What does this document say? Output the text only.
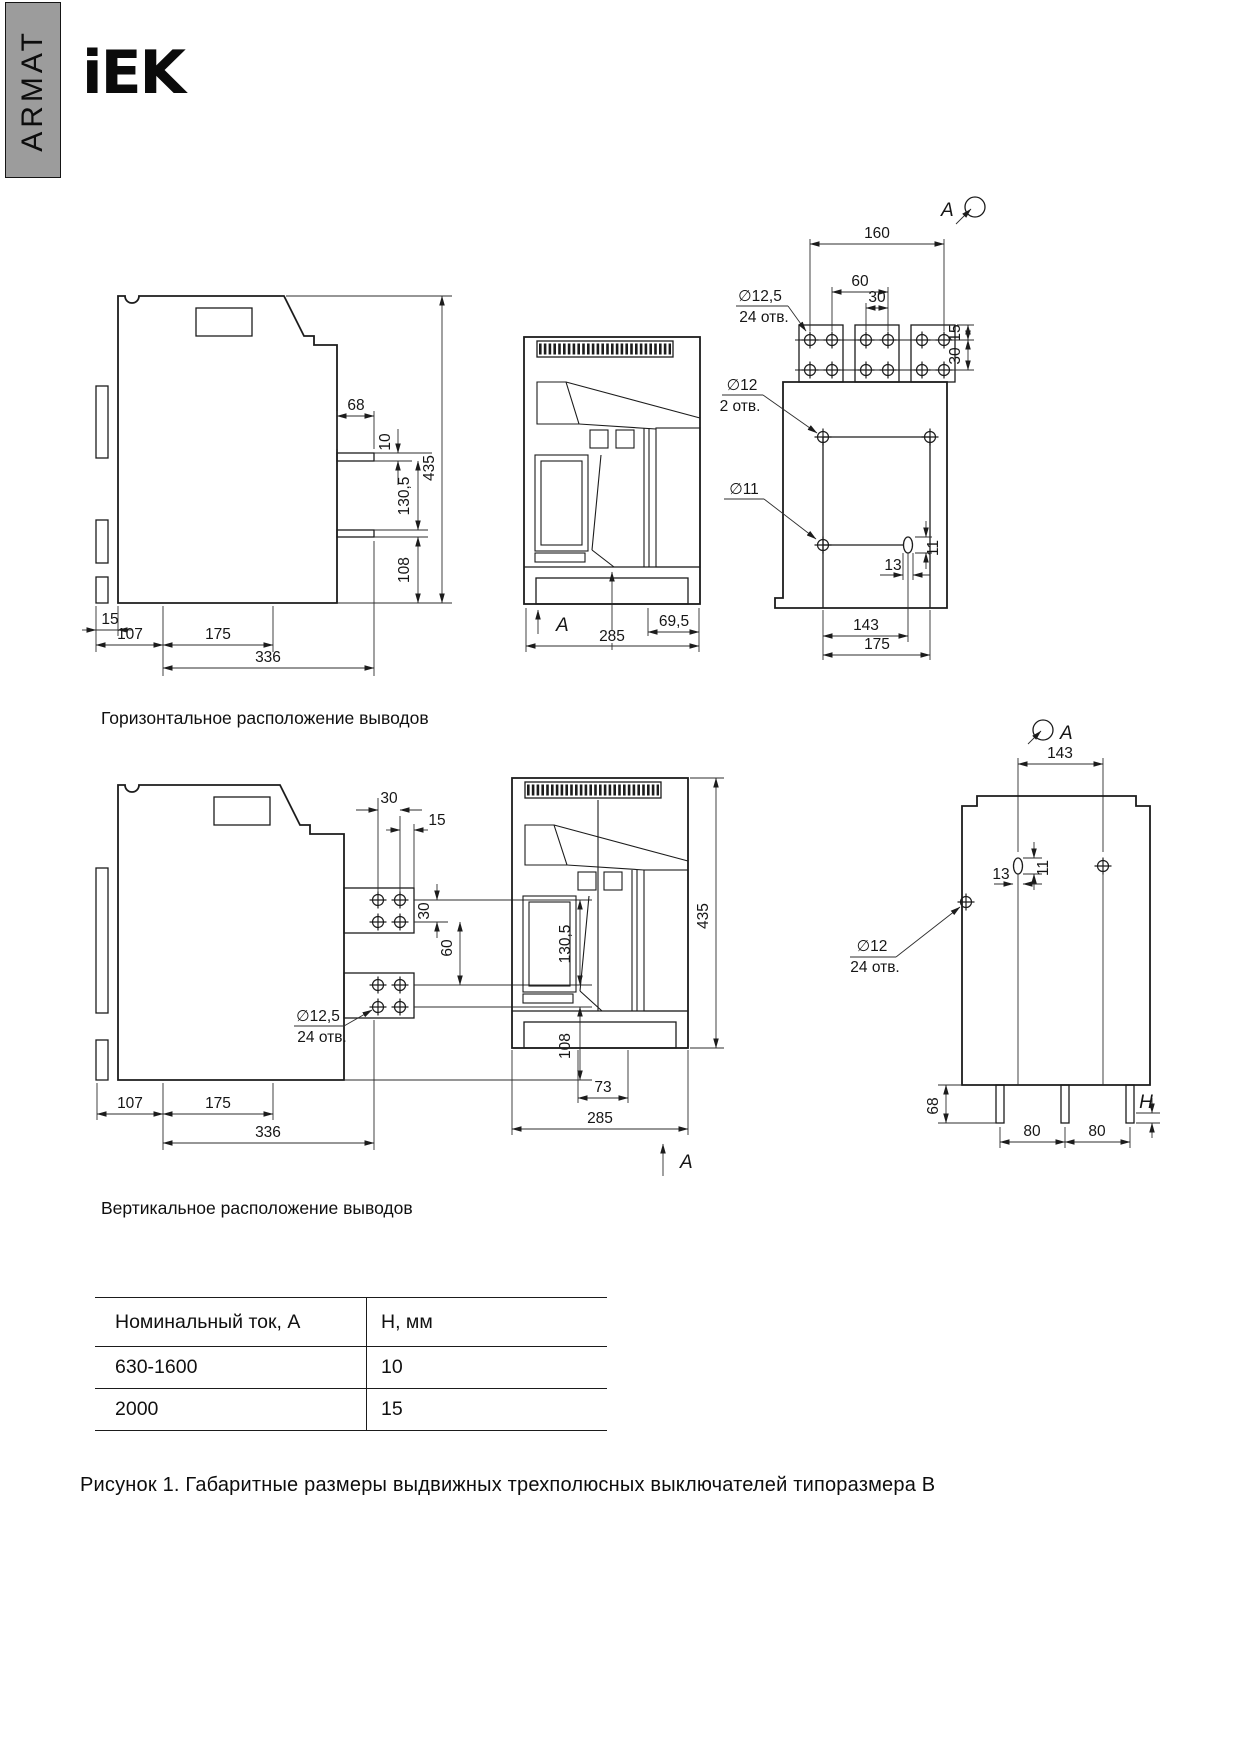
ARMAT iEK
Горизонтальное расположение выводов
Вертикальное расположение выводов
68
10
130,5
108
435
15
107	175
336
A	69,5
285
A
∅12
2 отв.
∅11
∅12,5
24 отв.
160
60
30
15
30
13
11
143
175
30
15
30
60	130,5
108
∅12,5
24 отв.
107	175
336
435
73
285
A
A
143
13 11
∅12
24 отв.
68
80	80
H
Номинальный ток, А	Н, мм
630-1600	10
2000	15
Рисунок 1. Габаритные размеры выдвижных трехполюсных выключателей типоразмера В
